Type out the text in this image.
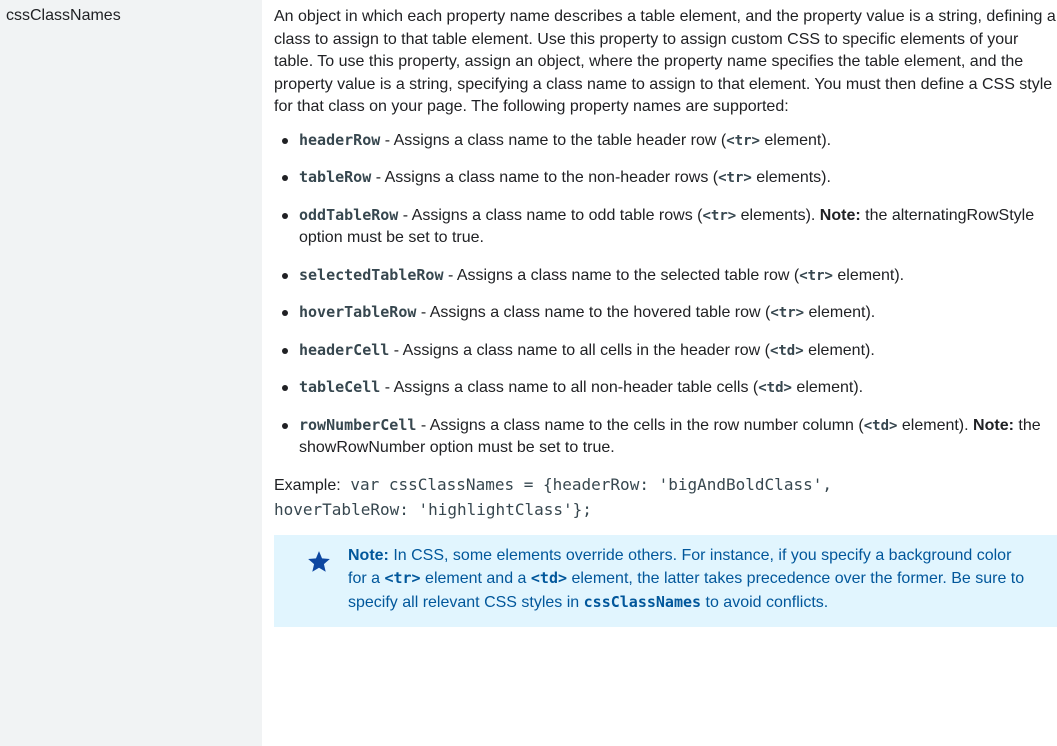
cssClassNames	An object in which each property name describes a table element, and the property value is a string, defining a class to assign to that table element. Use this property to assign custom CSS to specific elements of your table. To use this property, assign an object, where the property name specifies the table element, and the property value is a string, specifying a class name to assign to that element. You must then define a CSS style for that class on your page. The following property names are supported:

headerRow - Assigns a class name to the table header row (<tr> element).
tableRow - Assigns a class name to the non-header rows (<tr> elements).
oddTableRow - Assigns a class name to odd table rows (<tr> elements). Note: the alternatingRowStyle option must be set to true.
selectedTableRow - Assigns a class name to the selected table row (<tr> element).
hoverTableRow - Assigns a class name to the hovered table row (<tr> element).
headerCell - Assigns a class name to all cells in the header row (<td> element).
tableCell - Assigns a class name to all non-header table cells (<td> element).
rowNumberCell - Assigns a class name to the cells in the row number column (<td> element). Note: the showRowNumber option must be set to true.
Example: var cssClassNames = {headerRow: 'bigAndBoldClass',
hoverTableRow: 'highlightClass'};
Note: In CSS, some elements override others. For instance, if you specify a background color for a <tr> element and a <td> element, the latter takes precedence over the former. Be sure to specify all relevant CSS styles in cssClassNames to avoid conflicts.
